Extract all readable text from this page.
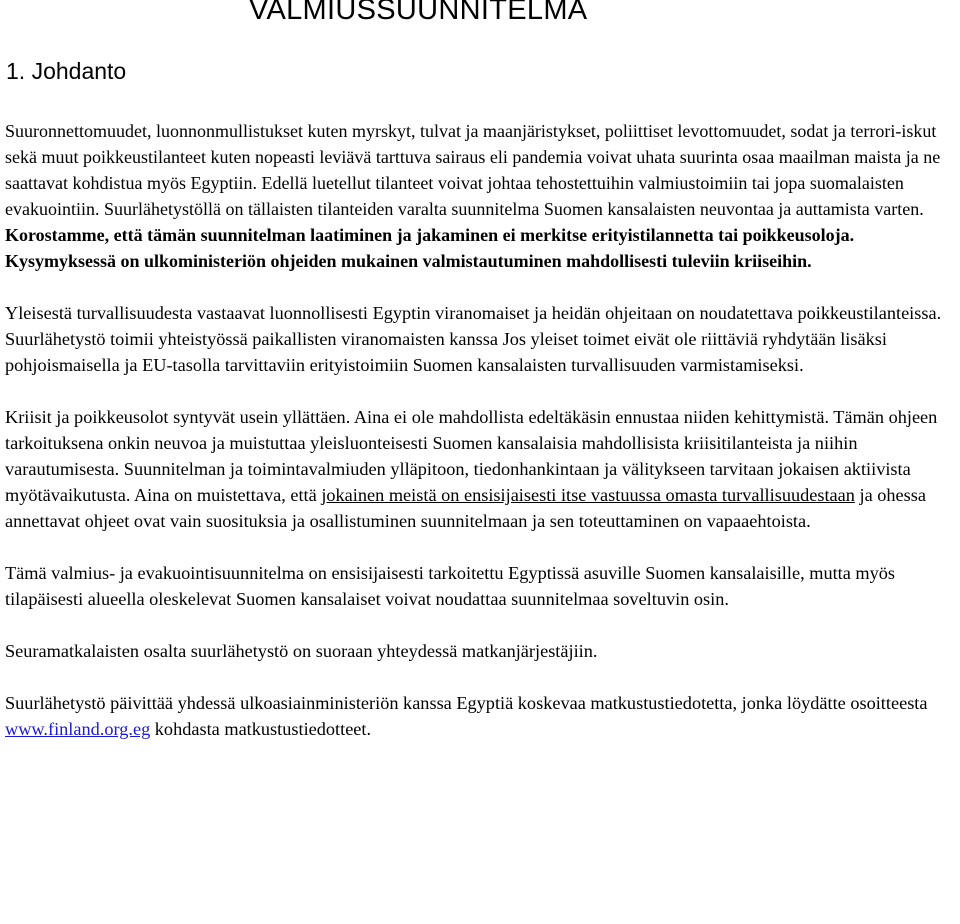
VALMIUSSUUNNITELMA
1. Johdanto

Suuronnettomuudet, luonnonmullistukset kuten myrskyt, tulvat ja maanjäristykset, poliittiset levottomuudet, sodat ja terrori-iskut sekä muut poikkeustilanteet kuten nopeasti leviävä tarttuva sairaus eli pandemia voivat uhata suurinta osaa maailman maista ja ne saattavat kohdistua myös Egyptiin. Edellä luetellut tilanteet voivat johtaa tehostettuihin valmiustoimiin tai jopa suomalaisten evakuointiin. Suurlähetystöllä on tällaisten tilanteiden varalta suunnitelma Suomen kansalaisten neuvontaa ja auttamista varten. Korostamme, että tämän suunnitelman laatiminen ja jakaminen ei merkitse erityistilannetta tai poikkeusoloja. Kysymyksessä on ulkoministeriön ohjeiden mukainen valmistautuminen mahdollisesti tuleviin kriiseihin.

Yleisestä turvallisuudesta vastaavat luonnollisesti Egyptin viranomaiset ja heidän ohjeitaan on noudatettava poikkeustilanteissa. Suurlähetystö toimii yhteistyössä paikallisten viranomaisten kanssa Jos yleiset toimet eivät ole riittäviä ryhdytään lisäksi pohjoismaisella ja EU-tasolla tarvittaviin erityistoimiin Suomen kansalaisten turvallisuuden varmistamiseksi.

Kriisit ja poikkeusolot syntyvät usein yllättäen. Aina ei ole mahdollista edeltäkäsin ennustaa niiden kehittymistä. Tämän ohjeen tarkoituksena onkin neuvoa ja muistuttaa yleisluonteisesti Suomen kansalaisia mahdollisista kriisitilanteista ja niihin varautumisesta. Suunnitelman ja toimintavalmiuden ylläpitoon, tiedonhankintaan ja välitykseen tarvitaan jokaisen aktiivista myötävaikutusta. Aina on muistettava, että jokainen meistä on ensisijaisesti itse vastuussa omasta turvallisuudestaan ja ohessa annettavat ohjeet ovat vain suosituksia ja osallistuminen suunnitelmaan ja sen toteuttaminen on vapaaehtoista.

Tämä valmius- ja evakuointisuunnitelma on ensisijaisesti tarkoitettu Egyptissä asuville Suomen kansalaisille, mutta myös tilapäisesti alueella oleskelevat Suomen kansalaiset voivat noudattaa suunnitelmaa soveltuvin osin.

Seuramatkalaisten osalta suurlähetystö on suoraan yhteydessä matkanjärjestäjiin.

Suurlähetystö päivittää yhdessä ulkoasiainministeriön kanssa Egyptiä koskevaa matkustustiedotetta, jonka löydätte osoitteesta www.finland.org.eg kohdasta matkustustiedotteet.
